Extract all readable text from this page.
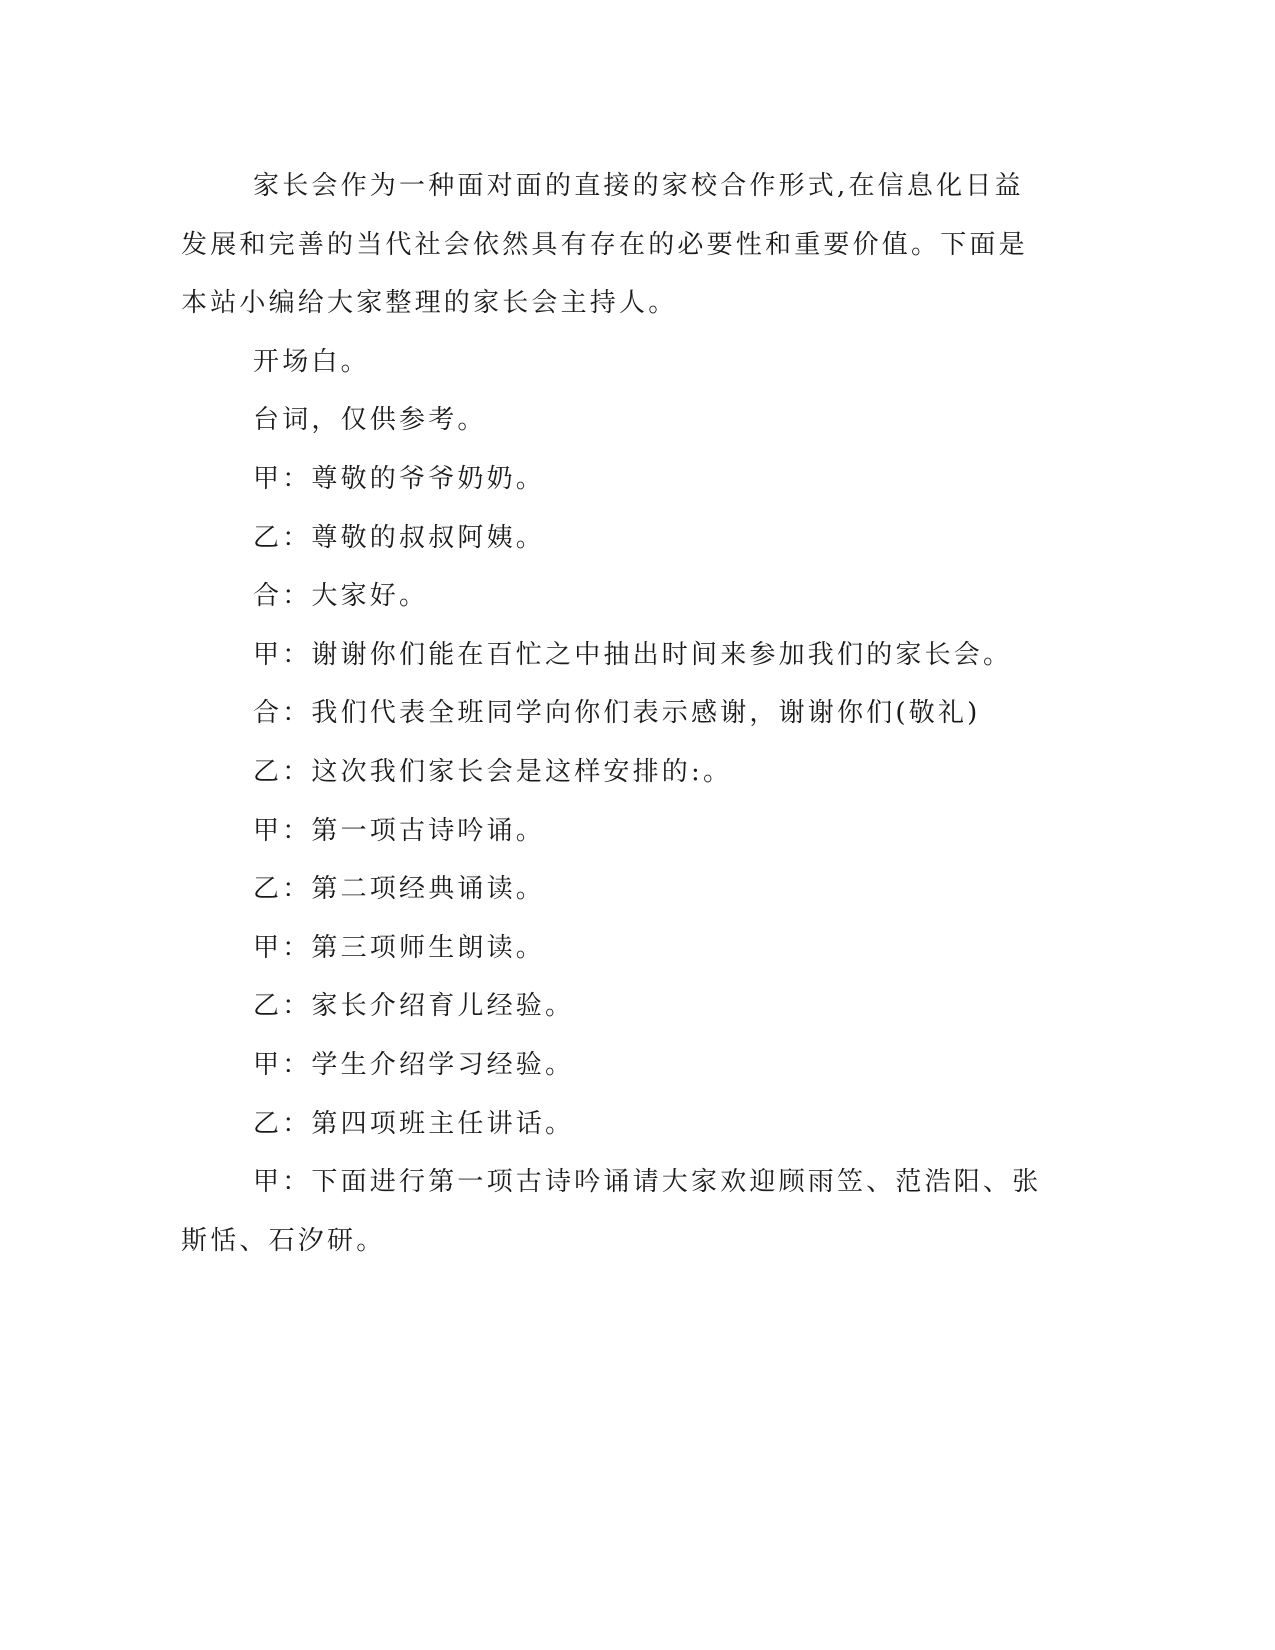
家长会作为一种面对面的直接的家校合作形式,在信息化日益发展和完善的当代社会依然具有存在的必要性和重要价值。下面是本站小编给大家整理的家长会主持人。

开场白。

台词，仅供参考。

甲：尊敬的爷爷奶奶。

乙：尊敬的叔叔阿姨。

合：大家好。

甲：谢谢你们能在百忙之中抽出时间来参加我们的家长会。

合：我们代表全班同学向你们表示感谢，谢谢你们(敬礼)

乙：这次我们家长会是这样安排的:。

甲：第一项古诗吟诵。

乙：第二项经典诵读。

甲：第三项师生朗读。

乙：家长介绍育儿经验。

甲：学生介绍学习经验。

乙：第四项班主任讲话。

甲：下面进行第一项古诗吟诵请大家欢迎顾雨笠、范浩阳、张斯恬、石汐研。
